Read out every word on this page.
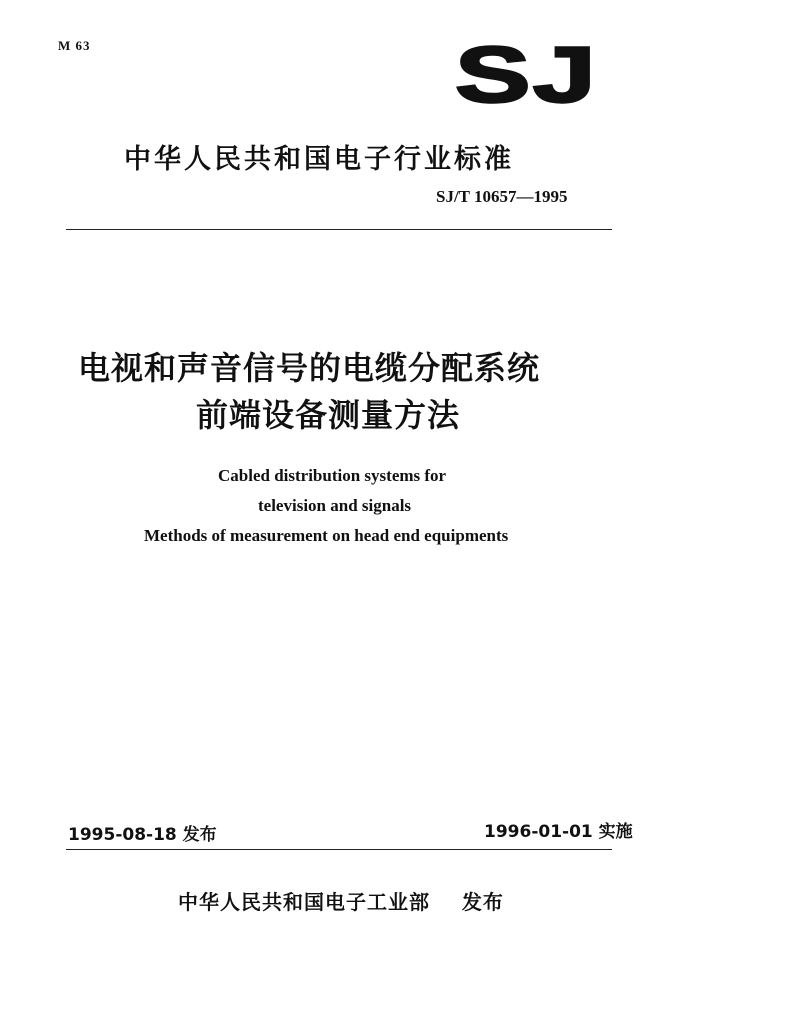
M 63	SJ
中华人民共和国电子行业标准
SJ/T 10657—1995
电视和声音信号的电缆分配系统
前端设备测量方法
Cabled distribution systems for
television and signals
Methods of measurement on head end equipments
1995-08-18 发布	1996-01-01 实施
中华人民共和国电子工业部    发布
